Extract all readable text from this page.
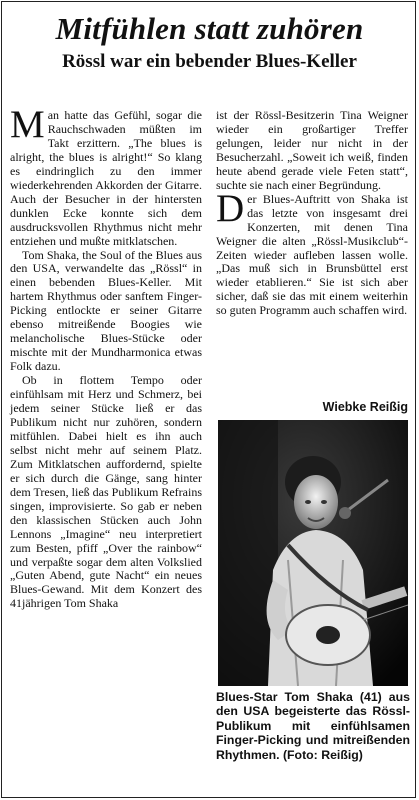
Mitfühlen statt zuhören
Rössl war ein bebender Blues-Keller

Man hatte das Gefühl, sogar die Rauchschwaden müßten im Takt erzittern. „The blues is alright, the blues is alright!“ So klang es eindringlich zu den immer wiederkehrenden Akkorden der Gitarre. Auch der Besucher in der hintersten dunklen Ecke konnte sich dem ausdrucksvollen Rhythmus nicht mehr entziehen und mußte mitklatschen.

Tom Shaka, the Soul of the Blues aus den USA, verwandelte das „Rössl“ in einen bebenden Blues-Keller. Mit hartem Rhythmus oder sanftem Finger-Picking entlockte er seiner Gitarre ebenso mitreißende Boogies wie melancholische Blues-Stücke oder mischte mit der Mundharmonica etwas Folk dazu.

Ob in flottem Tempo oder einfühlsam mit Herz und Schmerz, bei jedem seiner Stücke ließ er das Publikum nicht nur zuhören, sondern mitfühlen. Dabei hielt es ihn auch selbst nicht mehr auf seinem Platz. Zum Mitklatschen auffordernd, spielte er sich durch die Gänge, sang hinter dem Tresen, ließ das Publikum Refrains singen, improvisierte. So gab er neben den klassischen Stücken auch John Lennons „Imagine“ neu interpretiert zum Besten, pfiff „Over the rainbow“ und verpaßte sogar dem alten Volkslied „Guten Abend, gute Nacht“ ein neues Blues-Gewand. Mit dem Konzert des 41jährigen Tom Shaka

ist der Rössl-Besitzerin Tina Weigner wieder ein großartiger Treffer gelungen, leider nur nicht in der Besucherzahl. „Soweit ich weiß, finden heute abend gerade viele Feten statt“, suchte sie nach einer Begründung.

Der Blues-Auftritt von Shaka ist das letzte von insgesamt drei Konzerten, mit denen Tina Weigner die alten „Rössl-Musikclub“-Zeiten wieder aufleben lassen wolle. „Das muß sich in Brunsbüttel erst wieder etablieren.“ Sie ist sich aber sicher, daß sie das mit einem weiterhin so guten Programm auch schaffen wird.

Wiebke Reißig
Blues-Star Tom Shaka (41) aus den USA begeisterte das Rössl-Publikum mit einfühlsamen Finger-Picking und mitreißenden Rhythmen. (Foto: Reißig)
